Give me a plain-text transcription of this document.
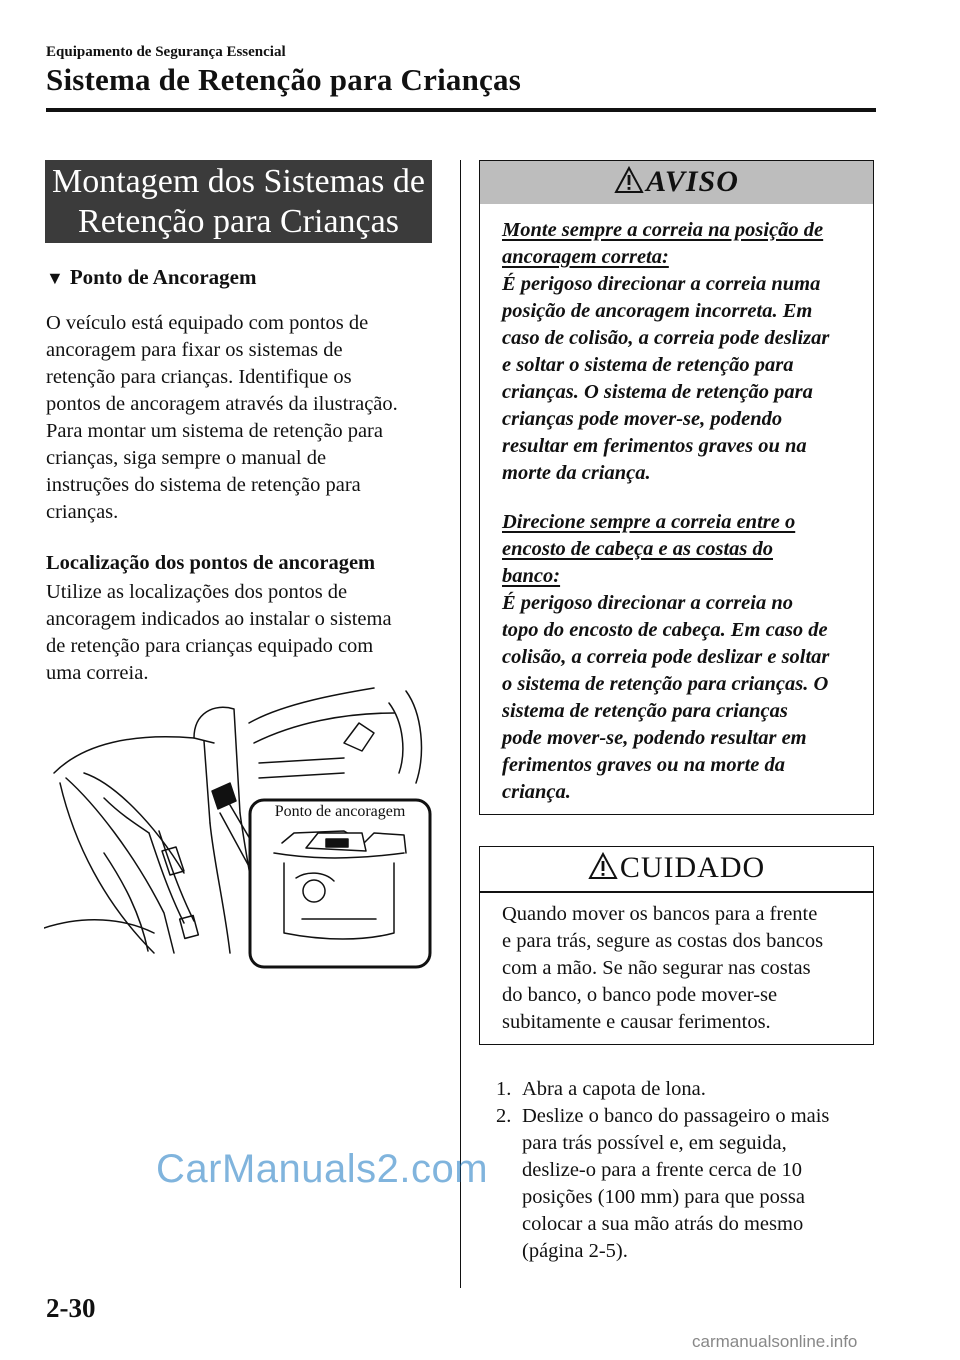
Equipamento de Segurança Essencial
Sistema de Retenção para Crianças
Montagem dos Sistemas de
Retenção para Crianças
▼ Ponto de Ancoragem
O veículo está equipado com pontos de
ancoragem para fixar os sistemas de
retenção para crianças. Identifique os
pontos de ancoragem através da ilustração.
Para montar um sistema de retenção para
crianças, siga sempre o manual de
instruções do sistema de retenção para
crianças.
Localização dos pontos de ancoragem
Utilize as localizações dos pontos de
ancoragem indicados ao instalar o sistema
de retenção para crianças equipado com
uma correia.
Ponto de ancoragem
AVISO
Monte sempre a correia na posição de
ancoragem correta:
É perigoso direcionar a correia numa
posição de ancoragem incorreta. Em
caso de colisão, a correia pode deslizar
e soltar o sistema de retenção para
crianças. O sistema de retenção para
crianças pode mover-se, podendo
resultar em ferimentos graves ou na
morte da criança.
Direcione sempre a correia entre o
encosto de cabeça e as costas do
banco:
É perigoso direcionar a correia no
topo do encosto de cabeça. Em caso de
colisão, a correia pode deslizar e soltar
o sistema de retenção para crianças. O
sistema de retenção para crianças
pode mover-se, podendo resultar em
ferimentos graves ou na morte da
criança.
CUIDADO
Quando mover os bancos para a frente
e para trás, segure as costas dos bancos
com a mão. Se não segurar nas costas
do banco, o banco pode mover-se
subitamente e causar ferimentos.
1. Abra a capota de lona.
2. Deslize o banco do passageiro o mais
para trás possível e, em seguida,
deslize-o para a frente cerca de 10
posições (100 mm) para que possa
colocar a sua mão atrás do mesmo
(página 2-5).
2-30
CarManuals2.com
carmanualsonline.info
